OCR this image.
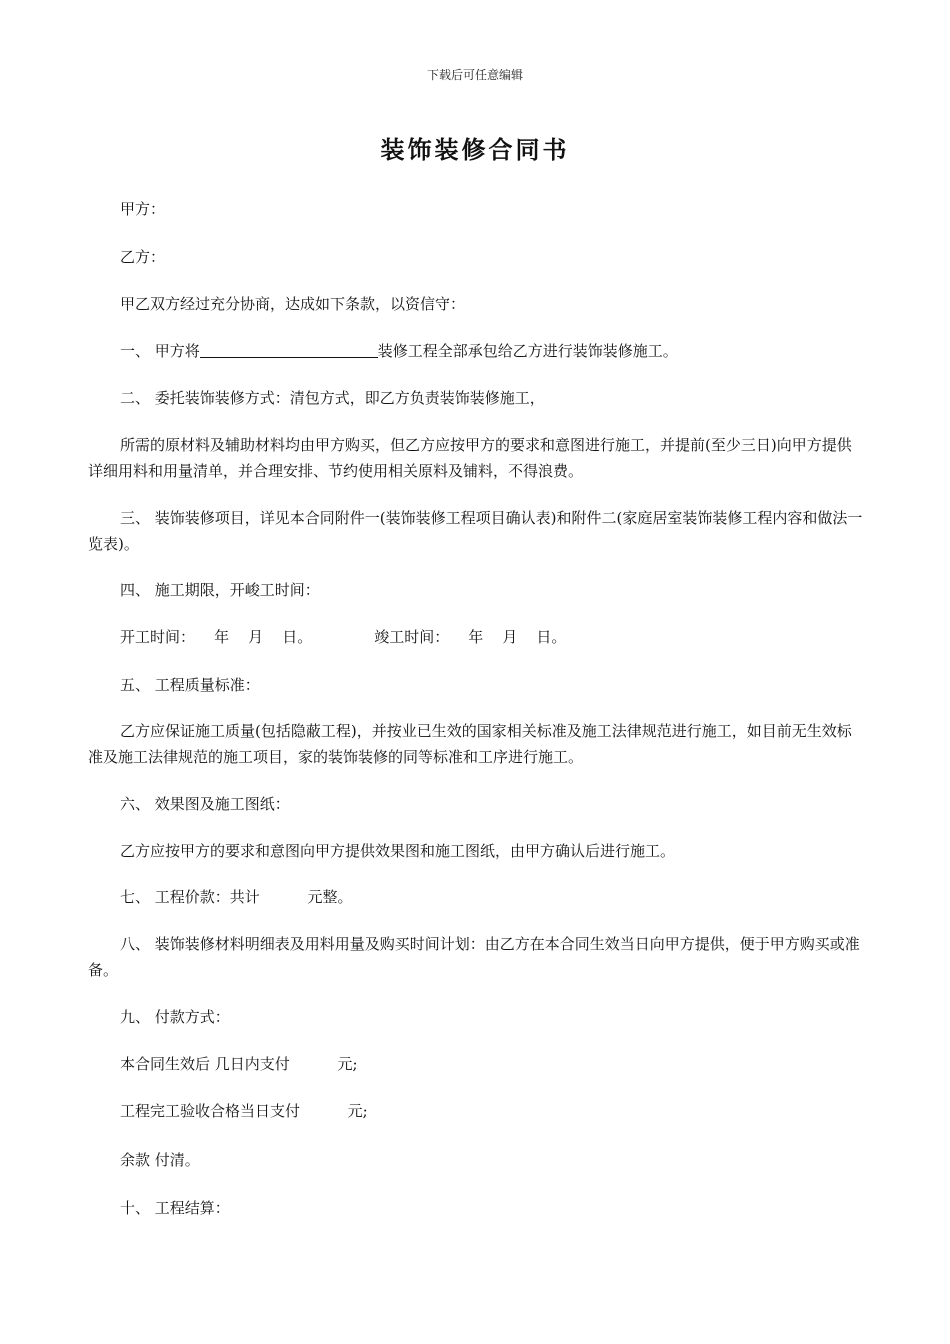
下载后可任意编辑
装饰装修合同书

甲方：

乙方：

甲乙双方经过充分协商，达成如下条款，以资信守：

一、 甲方将	装修工程全部承包给乙方进行装饰装修施工。

二、 委托装饰装修方式：清包方式，即乙方负责装饰装修施工，

所需的原材料及辅助材料均由甲方购买，但乙方应按甲方的要求和意图进行施工，并提前(至少三日)向甲方提供详细用料和用量清单，并合理安排、节约使用相关原料及铺料，不得浪费。

三、 装饰装修项目，详见本合同附件一(装饰装修工程项目确认表)和附件二(家庭居室装饰装修工程内容和做法一览表)。

四、 施工期限，开峻工时间：

开工时间：    年    月    日。	竣工时间：    年    月    日。

五、 工程质量标准：

乙方应保证施工质量(包括隐蔽工程)，并按业已生效的国家相关标准及施工法律规范进行施工，如目前无生效标准及施工法律规范的施工项目，家的装饰装修的同等标准和工序进行施工。

六、 效果图及施工图纸：

乙方应按甲方的要求和意图向甲方提供效果图和施工图纸，由甲方确认后进行施工。

七、 工程价款：共计          元整。

八、 装饰装修材料明细表及用料用量及购买时间计划：由乙方在本合同生效当日向甲方提供，便于甲方购买或准备。

九、 付款方式：

本合同生效后 几日内支付          元;

工程完工验收合格当日支付          元;

余款 付清。

十、 工程结算：
